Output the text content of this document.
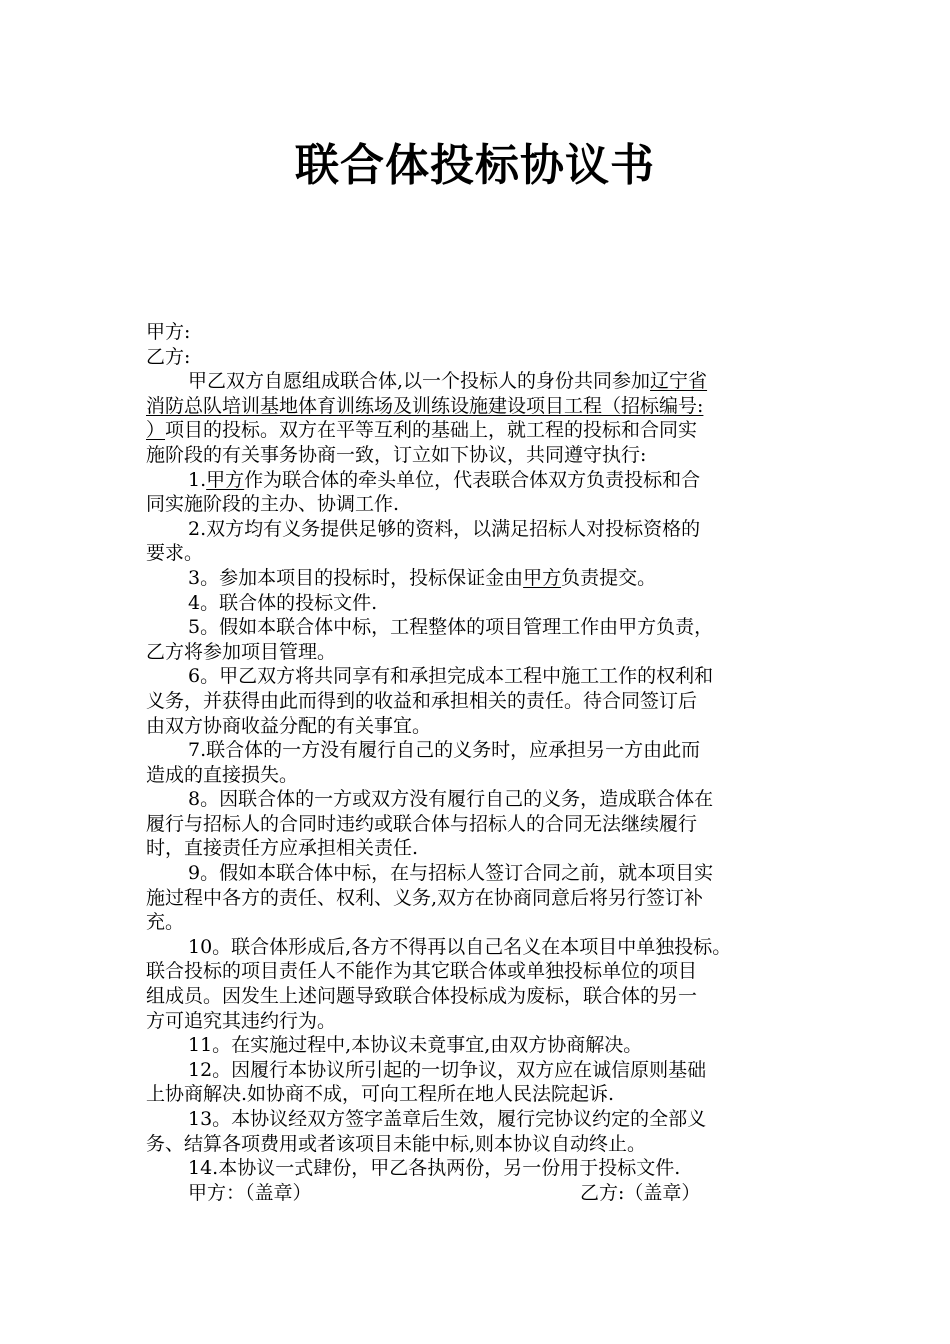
联合体投标协议书
甲方:
乙方:
甲乙双方自愿组成联合体,以一个投标人的身份共同参加辽宁省
消防总队培训基地体育训练场及训练设施建设项目工程（招标编号:
）项目的投标。双方在平等互利的基础上，就工程的投标和合同实
施阶段的有关事务协商一致，订立如下协议，共同遵守执行:
1.甲方作为联合体的牵头单位，代表联合体双方负责投标和合
同实施阶段的主办、协调工作.
2.双方均有义务提供足够的资料，以满足招标人对投标资格的
要求。
3。参加本项目的投标时，投标保证金由甲方负责提交。
4。联合体的投标文件.
5。假如本联合体中标，工程整体的项目管理工作由甲方负责，
乙方将参加项目管理。
6。甲乙双方将共同享有和承担完成本工程中施工工作的权利和
义务，并获得由此而得到的收益和承担相关的责任。待合同签订后
由双方协商收益分配的有关事宜。
7.联合体的一方没有履行自己的义务时，应承担另一方由此而
造成的直接损失。
8。因联合体的一方或双方没有履行自己的义务，造成联合体在
履行与招标人的合同时违约或联合体与招标人的合同无法继续履行
时，直接责任方应承担相关责任.
9。假如本联合体中标，在与招标人签订合同之前，就本项目实
施过程中各方的责任、权利、义务,双方在协商同意后将另行签订补
充。
10。联合体形成后,各方不得再以自己名义在本项目中单独投标。
联合投标的项目责任人不能作为其它联合体或单独投标单位的项目
组成员。因发生上述问题导致联合体投标成为废标，联合体的另一
方可追究其违约行为。
11。在实施过程中,本协议未竟事宜,由双方协商解决。
12。因履行本协议所引起的一切争议，双方应在诚信原则基础
上协商解决.如协商不成，可向工程所在地人民法院起诉.
13。本协议经双方签字盖章后生效，履行完协议约定的全部义
务、结算各项费用或者该项目未能中标,则本协议自动终止。
14.本协议一式肆份，甲乙各执两份，另一份用于投标文件.
甲方：（盖章）	乙方:（盖章）
